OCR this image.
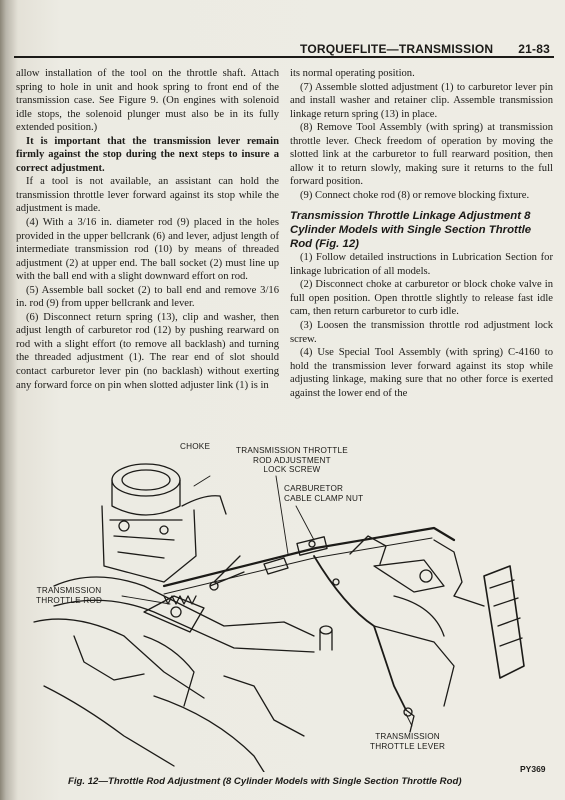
TORQUEFLITE—TRANSMISSION 21-83

allow installation of the tool on the throttle shaft. Attach spring to hole in unit and hook spring to front end of the transmission case. See Figure 9. (On engines with solenoid idle stops, the solenoid plunger must also be in its fully extended position.)

It is important that the transmission lever remain firmly against the stop during the next steps to insure a correct adjustment.

If a tool is not available, an assistant can hold the transmission throttle lever forward against its stop while the adjustment is made.

(4) With a 3/16 in. diameter rod (9) placed in the holes provided in the upper bellcrank (6) and lever, adjust length of intermediate transmission rod (10) by means of threaded adjustment (2) at upper end. The ball socket (2) must line up with the ball end with a slight downward effort on rod.

(5) Assemble ball socket (2) to ball end and remove 3/16 in. rod (9) from upper bellcrank and lever.

(6) Disconnect return spring (13), clip and washer, then adjust length of carburetor rod (12) by pushing rearward on rod with a slight effort (to remove all backlash) and turning the threaded adjustment (1). The rear end of slot should contact carburetor lever pin (no backlash) without exerting any forward force on pin when slotted adjuster link (1) is in

its normal operating position.

(7) Assemble slotted adjustment (1) to carburetor lever pin and install washer and retainer clip. Assemble transmission linkage return spring (13) in place.

(8) Remove Tool Assembly (with spring) at transmission throttle lever. Check freedom of operation by moving the slotted link at the carburetor to full rearward position, then allow it to return slowly, making sure it returns to the full forward position.

(9) Connect choke rod (8) or remove blocking fixture.

Transmission Throttle Linkage Adjustment 8 Cylinder Models with Single Section Throttle Rod (Fig. 12)

(1) Follow detailed instructions in Lubrication Section for linkage lubrication of all models.

(2) Disconnect choke at carburetor or block choke valve in full open position. Open throttle slightly to release fast idle cam, then return carburetor to curb idle.

(3) Loosen the transmission throttle rod adjustment lock screw.

(4) Use Special Tool Assembly (with spring) C-4160 to hold the transmission lever forward against its stop while adjusting linkage, making sure that no other force is exerted against the lower end of the

CHOKE	TRANSMISSION THROTTLE
ROD ADJUSTMENT
LOCK SCREW
CARBURETOR
CABLE CLAMP NUT
TRANSMISSION
THROTTLE ROD
TRANSMISSION
THROTTLE LEVER
PY369
Fig. 12—Throttle Rod Adjustment (8 Cylinder Models with Single Section Throttle Rod)
